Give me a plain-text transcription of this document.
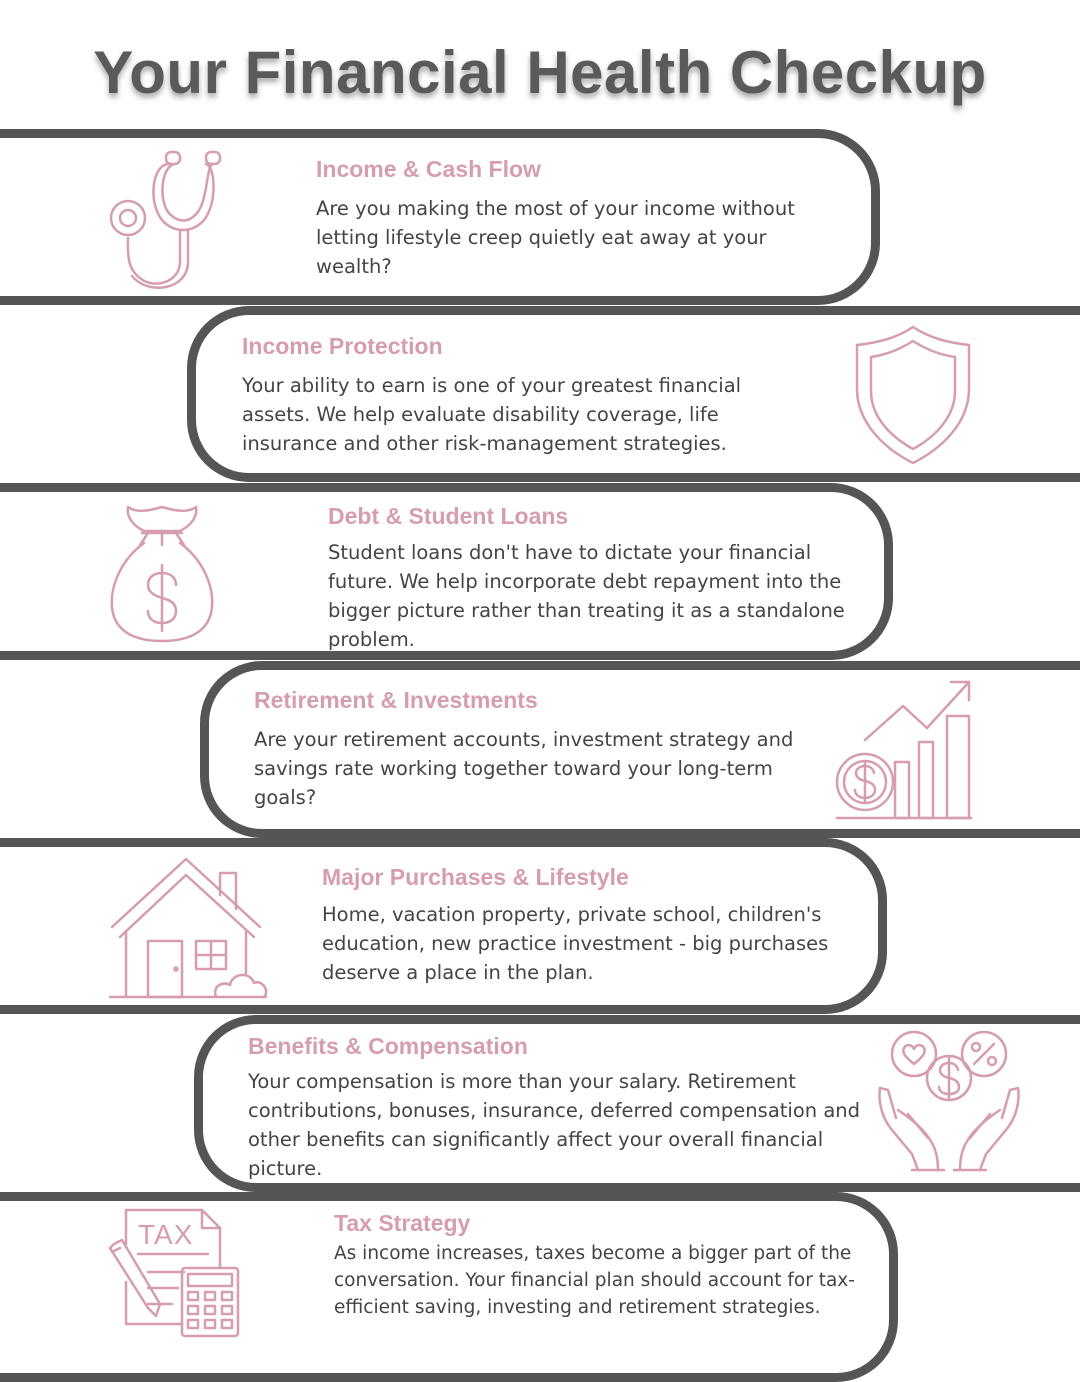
Your Financial Health Checkup

Income & Cash Flow

Are you making the most of your income without letting lifestyle creep quietly eat away at your wealth?

Income Protection

Your ability to earn is one of your greatest financial assets. We help evaluate disability coverage, life insurance and other risk-management strategies.

Debt & Student Loans

Student loans don't have to dictate your financial future. We help incorporate debt repayment into the bigger picture rather than treating it as a standalone problem.

Retirement & Investments

Are your retirement accounts, investment strategy and savings rate working together toward your long-term goals?

Major Purchases & Lifestyle

Home, vacation property, private school, children's education, new practice investment - big purchases deserve a place in the plan.

Benefits & Compensation

Your compensation is more than your salary. Retirement contributions, bonuses, insurance, deferred compensation and other benefits can significantly affect your overall financial picture.

TAX	Tax Strategy

As income increases, taxes become a bigger part of the conversation. Your financial plan should account for tax-efficient saving, investing and retirement strategies.
